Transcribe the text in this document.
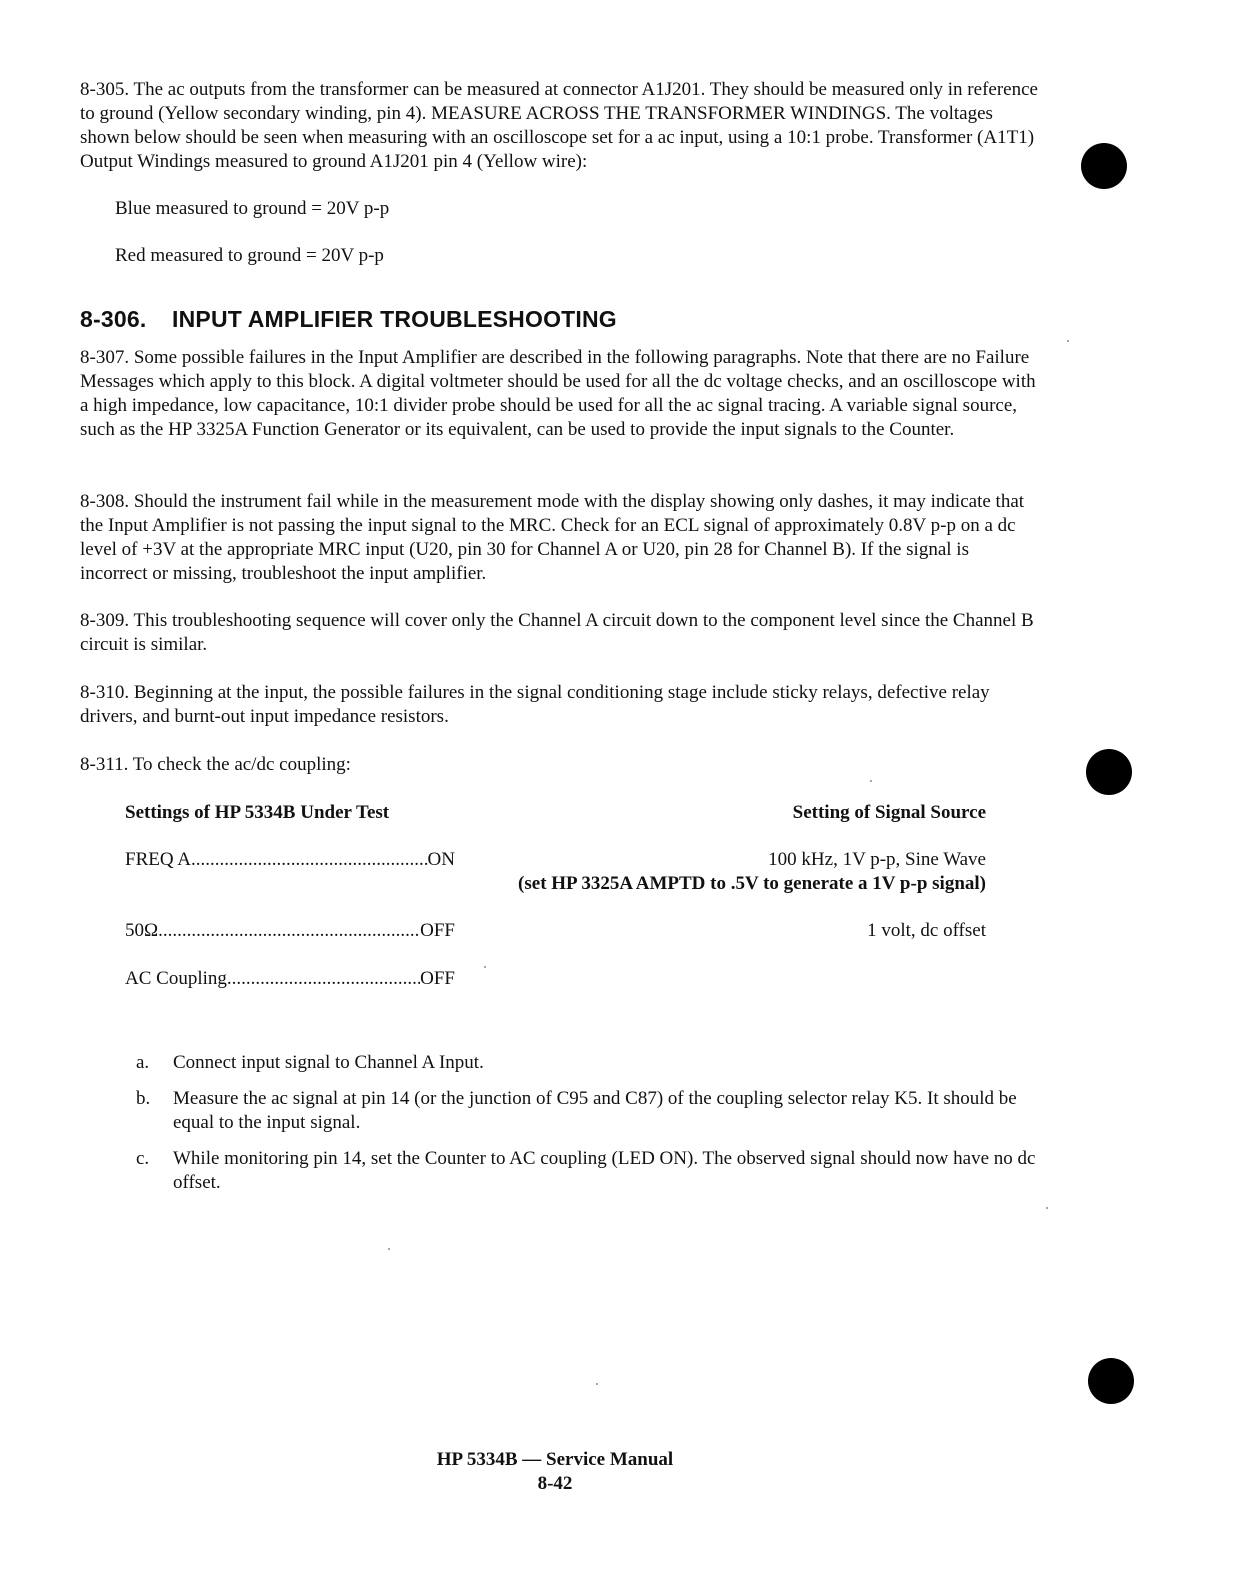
8-305. The ac outputs from the transformer can be measured at connector A1J201. They should be measured only in reference to ground (Yellow secondary winding, pin 4). MEASURE ACROSS THE TRANSFORMER WINDINGS. The voltages shown below should be seen when measuring with an oscilloscope set for a ac input, using a 10:1 probe. Transformer (A1T1) Output Windings measured to ground A1J201 pin 4 (Yellow wire):

Blue measured to ground = 20V p-p

Red measured to ground = 20V p-p

8-306. INPUT AMPLIFIER TROUBLESHOOTING

8-307. Some possible failures in the Input Amplifier are described in the following paragraphs. Note that there are no Failure Messages which apply to this block. A digital voltmeter should be used for all the dc voltage checks, and an oscilloscope with a high impedance, low capacitance, 10:1 divider probe should be used for all the ac signal tracing. A variable signal source, such as the HP 3325A Function Generator or its equivalent, can be used to provide the input signals to the Counter.

8-308. Should the instrument fail while in the measurement mode with the display showing only dashes, it may indicate that the Input Amplifier is not passing the input signal to the MRC. Check for an ECL signal of approximately 0.8V p-p on a dc level of +3V at the appropriate MRC input (U20, pin 30 for Channel A or U20, pin 28 for Channel B). If the signal is incorrect or missing, troubleshoot the input amplifier.

8-309. This troubleshooting sequence will cover only the Channel A circuit down to the component level since the Channel B circuit is similar.

8-310. Beginning at the input, the possible failures in the signal conditioning stage include sticky relays, defective relay drivers, and burnt-out input impedance resistors.

8-311. To check the ac/dc coupling:

Settings of HP 5334B Under Test	Setting of Signal Source
FREQ A .....	ON	100 kHz, 1V p-p, Sine Wave
(set HP 3325A AMPTD to .5V to generate a 1V p-p signal)
50Ω .....	OFF	1 volt, dc offset
AC Coupling .....	OFF
a.	Connect input signal to Channel A Input.
b.	Measure the ac signal at pin 14 (or the junction of C95 and C87) of the coupling selector relay K5. It should be equal to the input signal.
c.	While monitoring pin 14, set the Counter to AC coupling (LED ON). The observed signal should now have no dc offset.
HP 5334B — Service Manual
8-42
